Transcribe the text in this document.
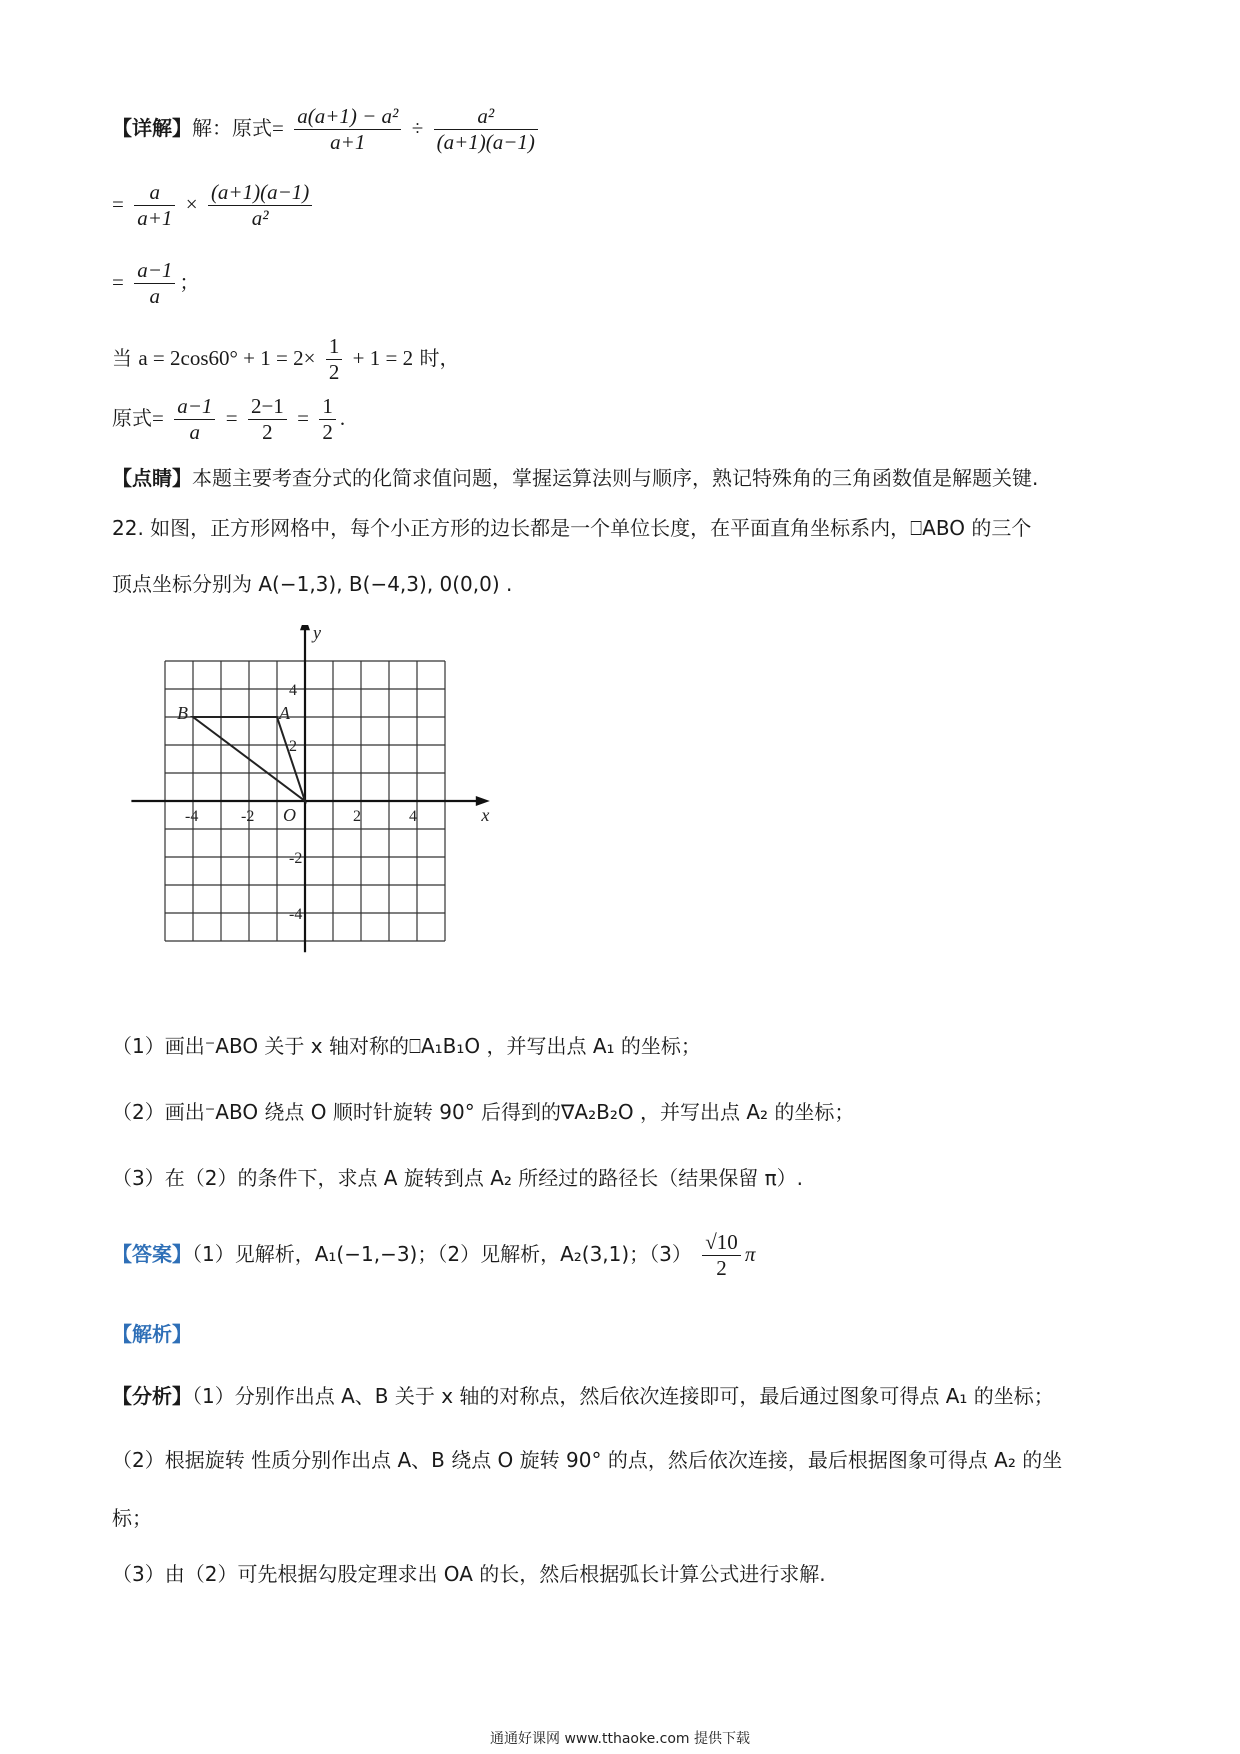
【详解】解：原式= $\frac{\text{a(a+1) − a²}}{a+1} \div \frac{\text{a²}}{(a+1)(a-1)}$
= $\frac{a}{a+1} \times \frac{(a+1)(a-1)}{\text{a²}}$
= $\frac{a-1}{a}$ ；
当 $a = 2\cos 60^\circ + 1 = 2\times \frac{1}{2} + 1 = 2$ 时，
原式= $\frac{a-1}{a} = \frac{2-1}{2} = \frac{1}{2}$ .
【点睛】本题主要考查分式的化简求值问题，掌握运算法则与顺序，熟记特殊角的三角函数值是解题关键.
22. 如图，正方形网格中，每个小正方形的边长都是一个单位长度，在平面直角坐标系内，⎕ABO 的三个
顶点坐标分别为 A(−1,3), B(−4,3), 0(0,0) .
x
y
O
A
B
-4	-2	2	4
4
2
-2
-4
（1）画出⁻ABO 关于 x 轴对称的⎕A₁B₁O ，并写出点 A₁ 的坐标；
（2）画出⁻ABO 绕点 O 顺时针旋转 90° 后得到的∇A₂B₂O ，并写出点 A₂ 的坐标；
（3）在（2）的条件下，求点 A 旋转到点 A₂ 所经过的路径长（结果保留 π）.
【答案】（1）见解析，A₁(−1,−3)；（2）见解析，A₂(3,1)；$(3) \frac{√10}{2}$ π
【解析】
【分析】（1）分别作出点 A、B 关于 x 轴的对称点，然后依次连接即可，最后通过图象可得点 A₁ 的坐标；
（2）根据旋转 性质分别作出点 A、B 绕点 O 旋转 90° 的点，然后依次连接，最后根据图象可得点 A₂ 的坐
标；
（3）由（2）可先根据勾股定理求出 OA 的长，然后根据弧长计算公式进行求解.
通通好课网 www.tthaoke.com 提供下载
